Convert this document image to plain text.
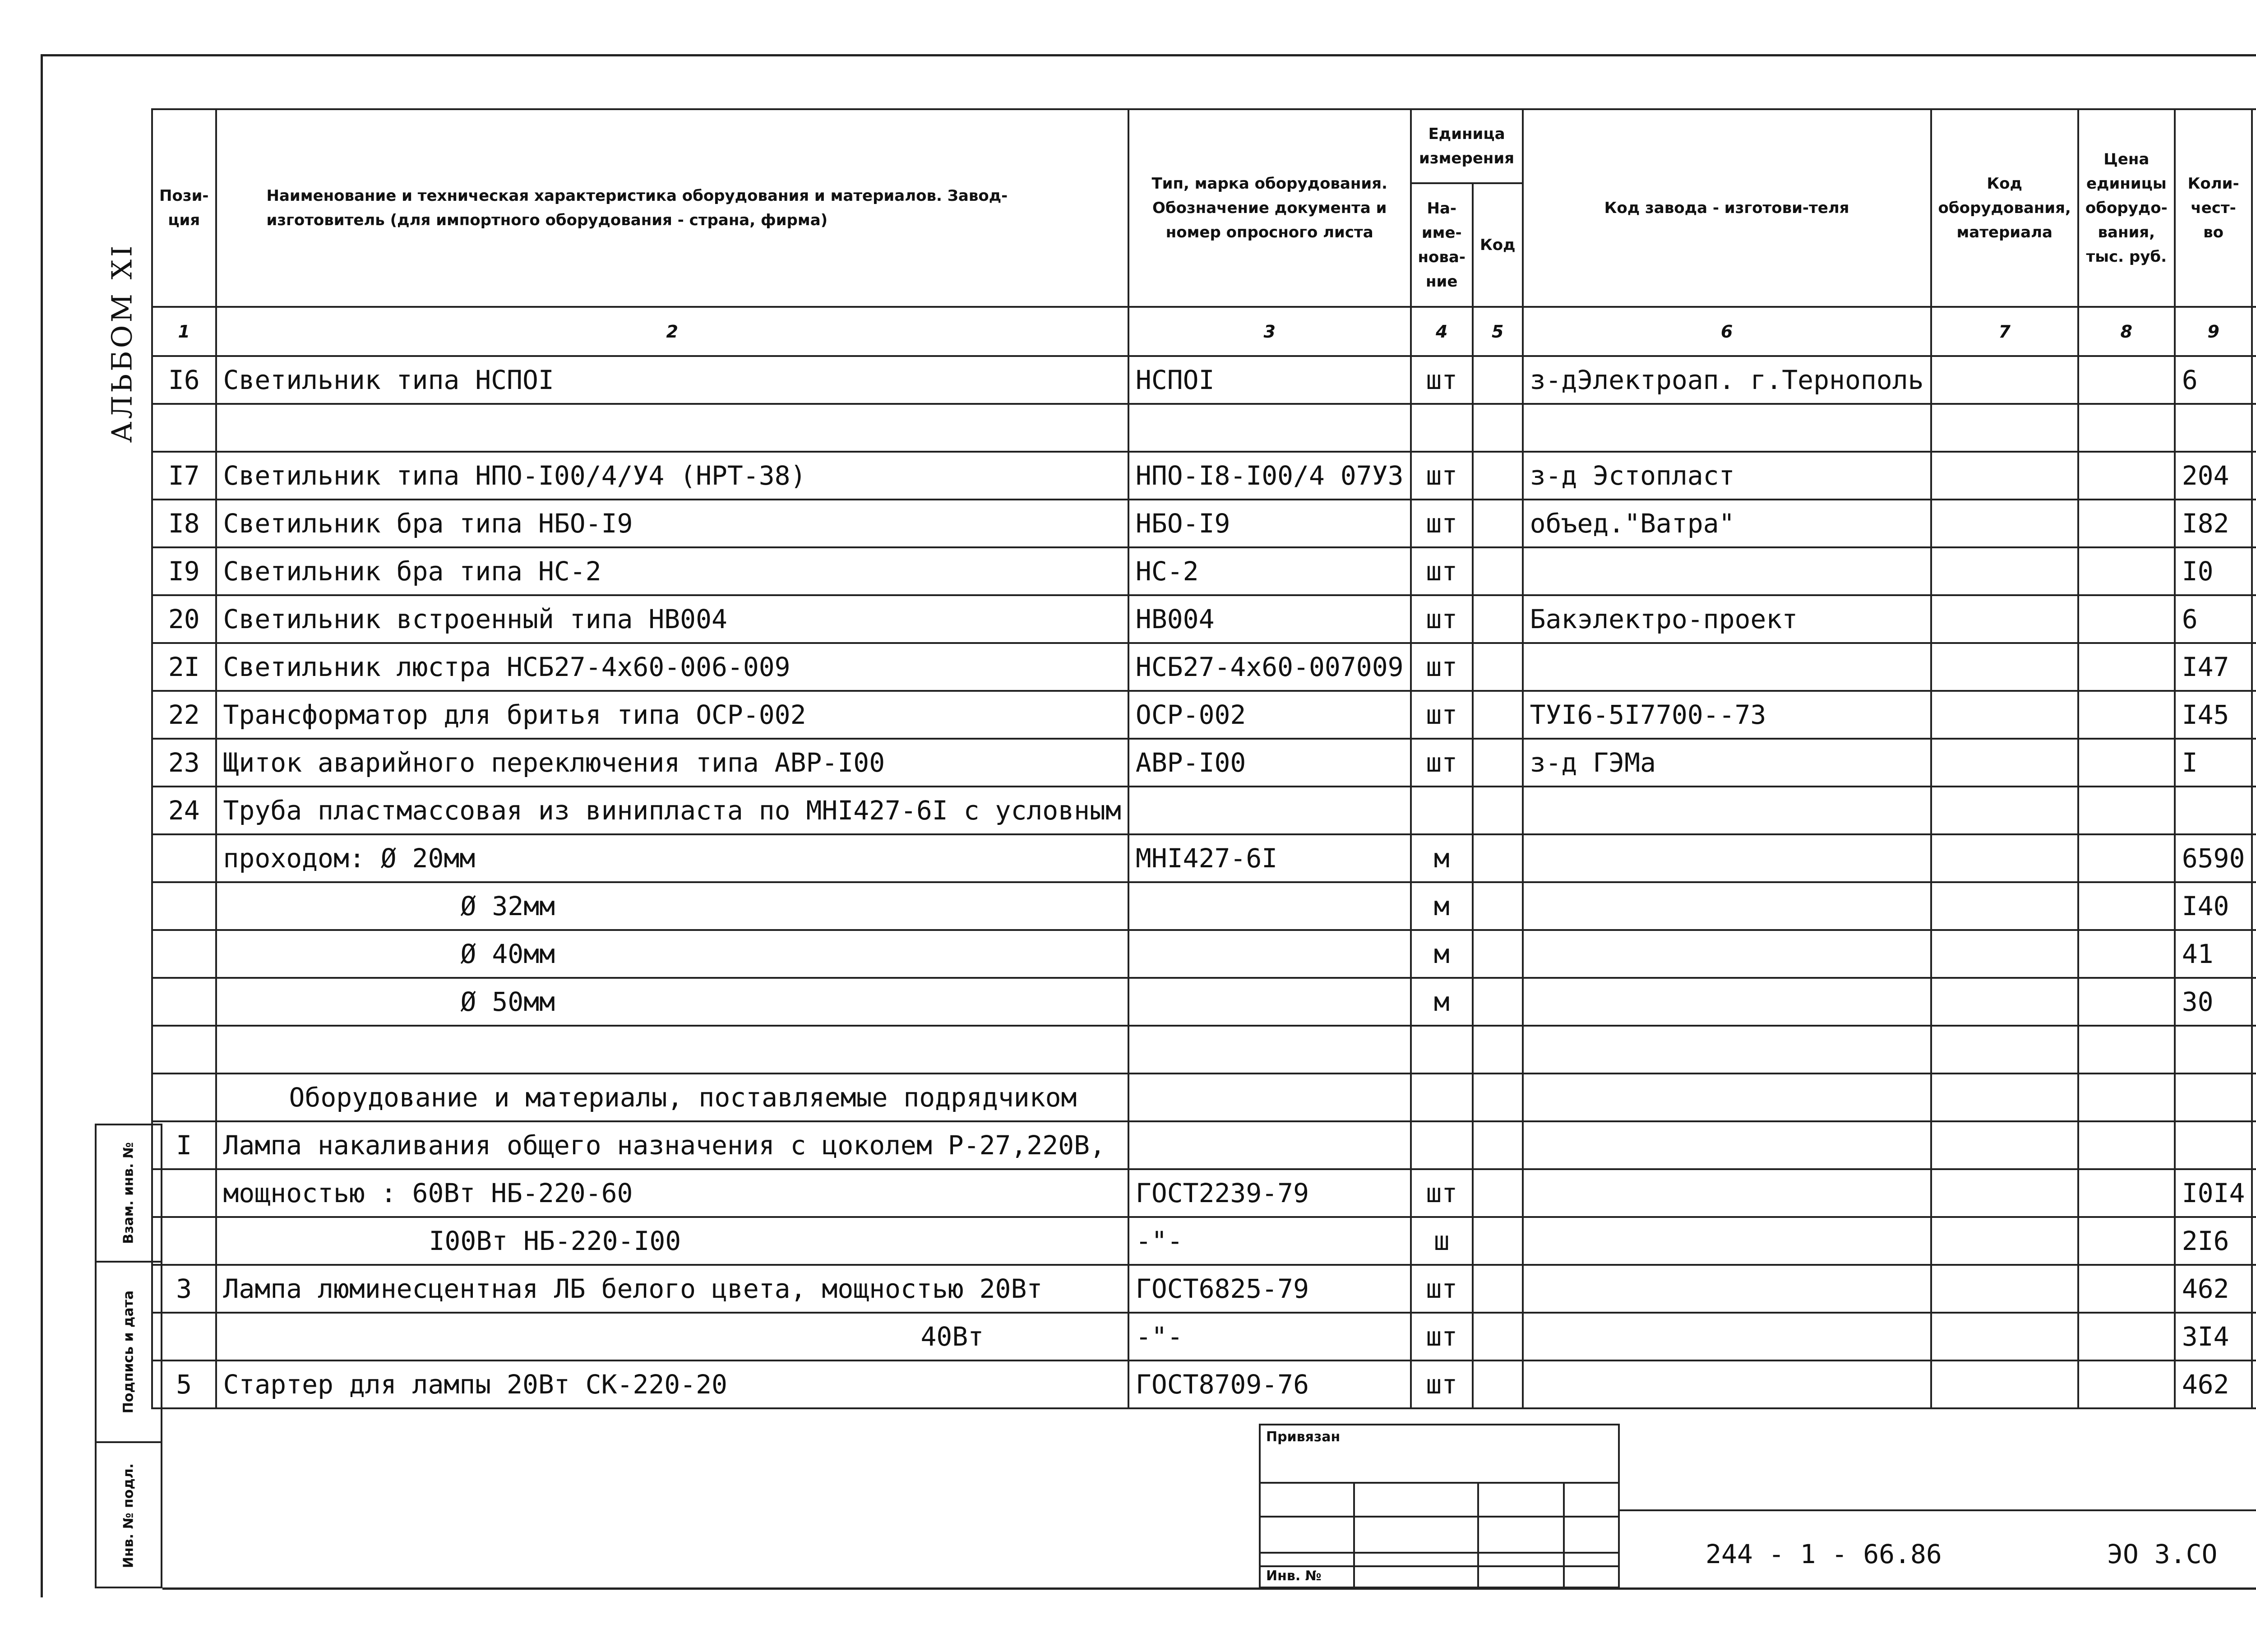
АЛЬБОМ XI
Пози-ция	Наименование и техническая характеристика оборудования и материалов. Завод-изготовитель (для импортного оборудования - страна, фирма)	Тип, марка оборудования. Обозначение документа и номер опросного листа	Единица измерения		Код завода - изготови-теля	Код оборудования, материала	Цена единицы оборудо-вания, тыс. руб.	Коли-чест-во	
			На-име-нова-ние	Код					
1	2	3	4	5	6	7	8	9	
I6	Светильник типа НСПОI	НСПОI	шт		з-дЭлектроап. г.Тернополь			6	

I7	Светильник типа НПО-I00/4/У4 (НРТ-38)	НПО-I8-I00/4 07УЗ	шт		з-д Эстопласт			204	
I8	Светильник бра типа НБО-I9	НБО-I9	шт		объед."Ватра"			I82	
I9	Светильник бра типа НС-2	НС-2	шт					I0	
20	Светильник встроенный типа НВ004	НВ004	шт		Бакэлектро-проект			6	
2I	Светильник люстра НСБ27-4х60-006-009	НСБ27-4х60-007009	шт					I47	
22	Трансформатор для бритья типа ОСР-002	ОСР-002	шт		ТУI6-5I7700--73			I45	
23	Щиток аварийного переключения типа АВР-I00	АВР-I00	шт		з-д ГЭМа			I	
24	Труба пластмассовая из винипласта по МНI427-6I с условным								
	проходом: Ø 20мм	МНI427-6I	м					6590	
	Ø 32мм		м					I40	
	Ø 40мм		м					41	
	Ø 50мм		м					30	

	Оборудование и материалы, поставляемые подрядчиком								
I	Лампа накаливания общего назначения с цоколем Р-27,220В,								
	мощностью : 60Вт НБ-220-60	ГОСТ2239-79	шт					I0I4	
	I00Вт НБ-220-I00	-"-	ш					2I6	
3	Лампа люминесцентная ЛБ белого цвета, мощностью 20Вт	ГОСТ6825-79	шт					462	
	40Вт	-"-	шт					3I4	
5	Стартер для лампы 20Вт СК-220-20	ГОСТ8709-76	шт					462	
Взам. инв. №
Подпись и дата
Инв. № подл.
Привязан
Инв. №
244 - 1 - 66.86	ЭО 3.СО
